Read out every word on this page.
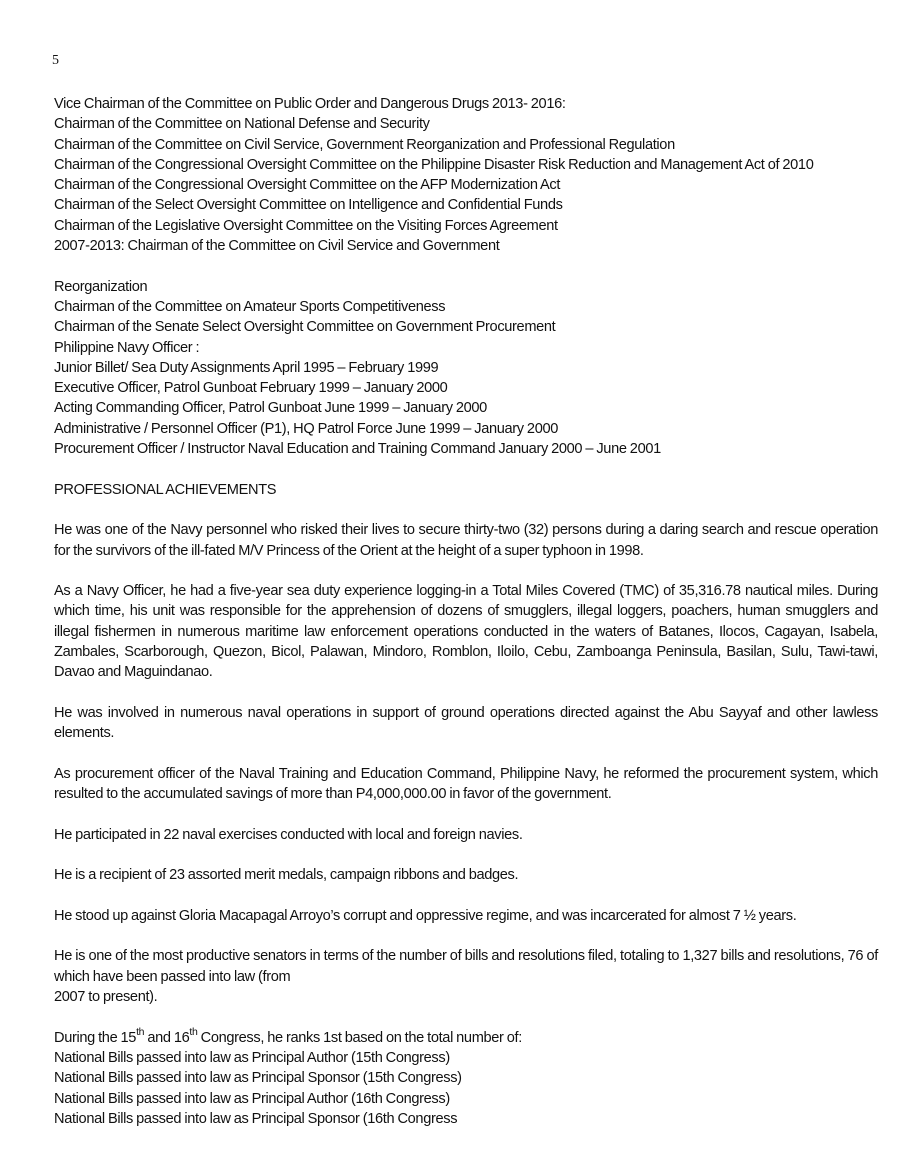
5
Vice Chairman of the Committee on Public Order and Dangerous Drugs 2013- 2016:
Chairman of the Committee on National Defense and Security
Chairman of the Committee on Civil Service, Government Reorganization and Professional Regulation
Chairman of the Congressional Oversight Committee on the Philippine Disaster Risk Reduction and Management Act of 2010
Chairman of the Congressional Oversight Committee on the AFP Modernization Act
Chairman of the Select Oversight Committee on Intelligence and Confidential Funds
Chairman of the Legislative Oversight Committee on the Visiting Forces Agreement
2007-2013: Chairman of the Committee on Civil Service and Government
Reorganization
Chairman of the Committee on Amateur Sports Competitiveness
Chairman of the Senate Select Oversight Committee on Government Procurement
Philippine Navy Officer :
Junior Billet/ Sea Duty Assignments April 1995 – February 1999
Executive Officer, Patrol Gunboat February 1999 – January 2000
Acting Commanding Officer, Patrol Gunboat June 1999 – January 2000
Administrative / Personnel Officer (P1), HQ Patrol Force June 1999 – January 2000
Procurement Officer / Instructor Naval Education and Training Command January 2000 – June 2001
PROFESSIONAL ACHIEVEMENTS
He was one of the Navy personnel who risked their lives to secure thirty-two (32) persons during a daring search and rescue operation for the survivors of the ill-fated M/V Princess of the Orient at the height of a super typhoon in 1998.
As a Navy Officer, he had a five-year sea duty experience logging-in a Total Miles Covered (TMC) of 35,316.78 nautical miles. During which time, his unit was responsible for the apprehension of dozens of smugglers, illegal loggers, poachers, human smugglers and illegal fishermen in numerous maritime law enforcement operations conducted in the waters of Batanes, Ilocos, Cagayan, Isabela, Zambales, Scarborough, Quezon, Bicol, Palawan, Mindoro, Romblon, Iloilo, Cebu, Zamboanga Peninsula, Basilan, Sulu, Tawi-tawi, Davao and Maguindanao.
He was involved in numerous naval operations in support of ground operations directed against the Abu Sayyaf and other lawless elements.
As procurement officer of the Naval Training and Education Command, Philippine Navy, he reformed the procurement system, which resulted to the accumulated savings of more than P4,000,000.00 in favor of the government.
He participated in 22 naval exercises conducted with local and foreign navies.
He is a recipient of 23 assorted merit medals, campaign ribbons and badges.
He stood up against Gloria Macapagal Arroyo’s corrupt and oppressive regime, and was incarcerated for almost 7 ½ years.
He is one of the most productive senators in terms of the number of bills and resolutions filed, totaling to 1,327 bills and resolutions, 76 of which have been passed into law (from
2007 to present).
During the 15th and 16th Congress, he ranks 1st based on the total number of:
National Bills passed into law as Principal Author (15th Congress)
National Bills passed into law as Principal Sponsor (15th Congress)
National Bills passed into law as Principal Author (16th Congress)
National Bills passed into law as Principal Sponsor (16th Congress
